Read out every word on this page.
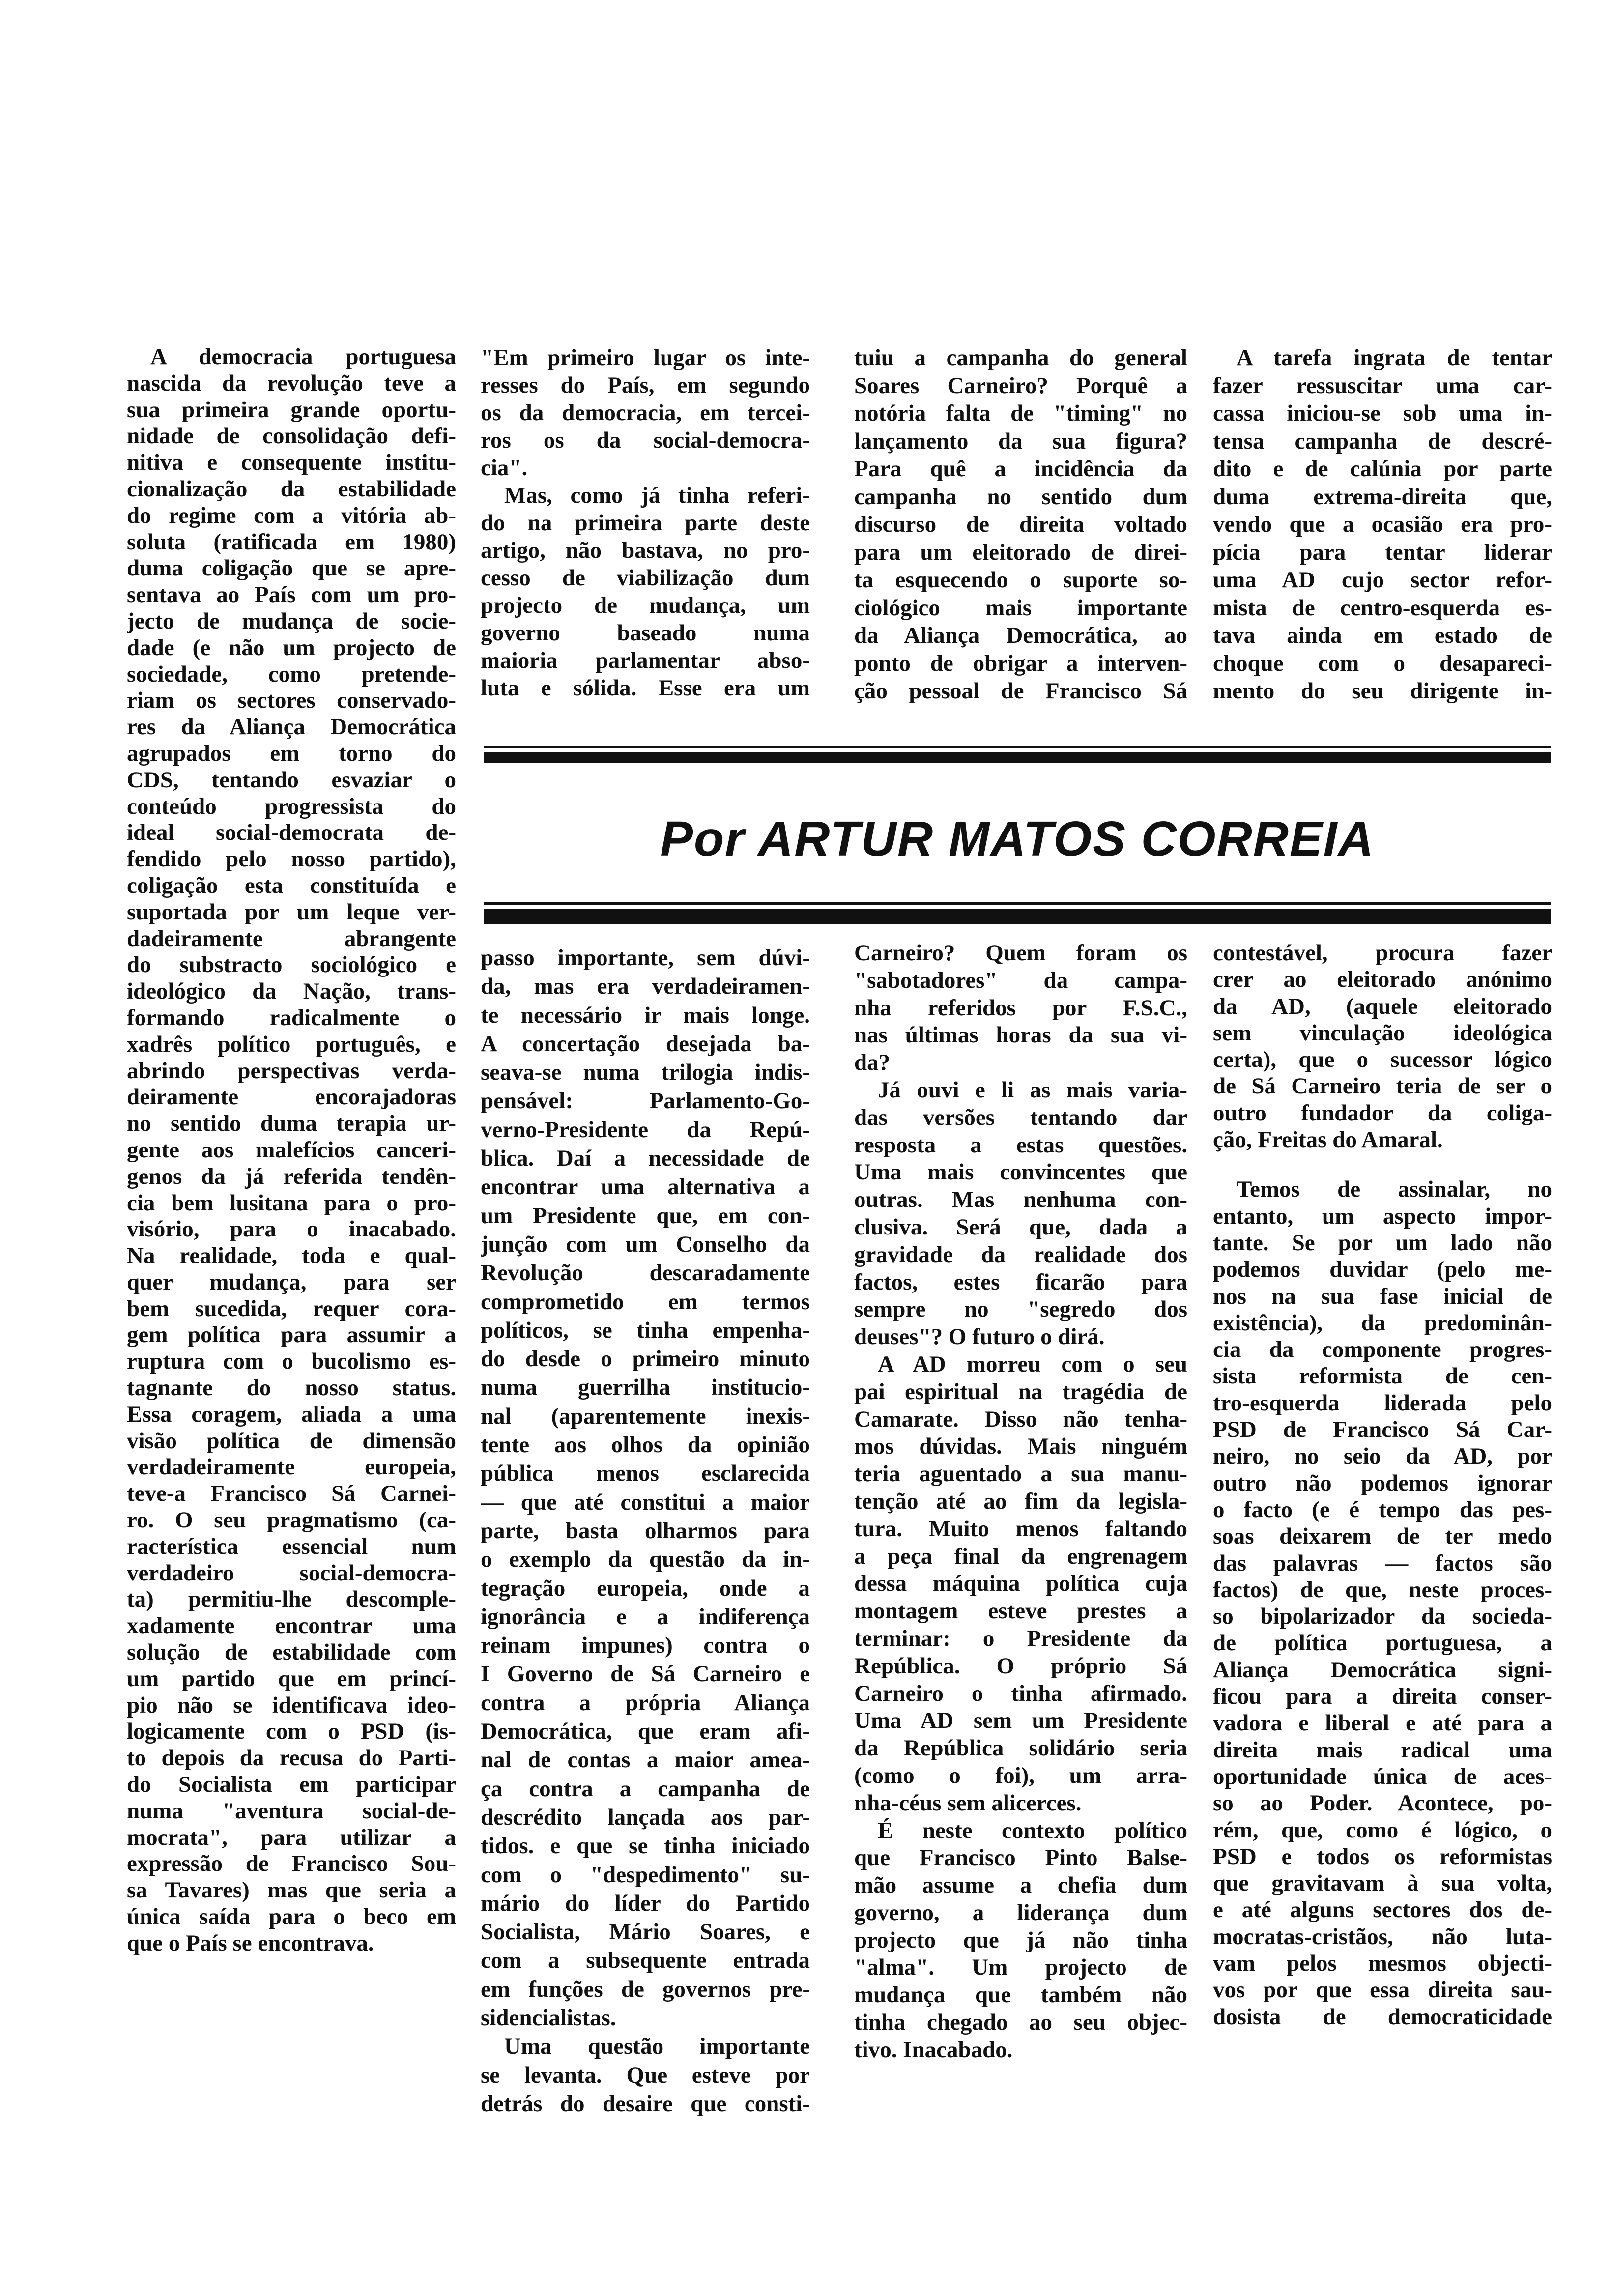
A democracia portuguesa
nascida da revolução teve a
sua primeira grande oportu-
nidade de consolidação defi-
nitiva e consequente institu-
cionalização da estabilidade
do regime com a vitória ab-
soluta (ratificada em 1980)
duma coligação que se apre-
sentava ao País com um pro-
jecto de mudança de socie-
dade (e não um projecto de
sociedade, como pretende-
riam os sectores conservado-
res da Aliança Democrática
agrupados em torno do
CDS, tentando esvaziar o
conteúdo progressista do
ideal social-democrata de-
fendido pelo nosso partido),
coligação esta constituída e
suportada por um leque ver-
dadeiramente abrangente
do substracto sociológico e
ideológico da Nação, trans-
formando radicalmente o
xadrês político português, e
abrindo perspectivas verda-
deiramente encorajadoras
no sentido duma terapia ur-
gente aos malefícios canceri-
genos da já referida tendên-
cia bem lusitana para o pro-
visório, para o inacabado.
Na realidade, toda e qual-
quer mudança, para ser
bem sucedida, requer cora-
gem política para assumir a
ruptura com o bucolismo es-
tagnante do nosso status.
Essa coragem, aliada a uma
visão política de dimensão
verdadeiramente europeia,
teve-a Francisco Sá Carnei-
ro. O seu pragmatismo (ca-
racterística essencial num
verdadeiro social-democra-
ta) permitiu-lhe descomple-
xadamente encontrar uma
solução de estabilidade com
um partido que em princí-
pio não se identificava ideo-
logicamente com o PSD (is-
to depois da recusa do Parti-
do Socialista em participar
numa "aventura social-de-
mocrata", para utilizar a
expressão de Francisco Sou-
sa Tavares) mas que seria a
única saída para o beco em
que o País se encontrava.
"Em primeiro lugar os inte-
resses do País, em segundo
os da democracia, em tercei-
ros os da social-democra-
cia".
Mas, como já tinha referi-
do na primeira parte deste
artigo, não bastava, no pro-
cesso de viabilização dum
projecto de mudança, um
governo baseado numa
maioria parlamentar abso-
luta e sólida. Esse era um
tuiu a campanha do general
Soares Carneiro? Porquê a
notória falta de "timing" no
lançamento da sua figura?
Para quê a incidência da
campanha no sentido dum
discurso de direita voltado
para um eleitorado de direi-
ta esquecendo o suporte so-
ciológico mais importante
da Aliança Democrática, ao
ponto de obrigar a interven-
ção pessoal de Francisco Sá
A tarefa ingrata de tentar
fazer ressuscitar uma car-
cassa iniciou-se sob uma in-
tensa campanha de descré-
dito e de calúnia por parte
duma extrema-direita que,
vendo que a ocasião era pro-
pícia para tentar liderar
uma AD cujo sector refor-
mista de centro-esquerda es-
tava ainda em estado de
choque com o desapareci-
mento do seu dirigente in-
Por ARTUR MATOS CORREIA
passo importante, sem dúvi-
da, mas era verdadeiramen-
te necessário ir mais longe.
A concertação desejada ba-
seava-se numa trilogia indis-
pensável: Parlamento-Go-
verno-Presidente da Repú-
blica. Daí a necessidade de
encontrar uma alternativa a
um Presidente que, em con-
junção com um Conselho da
Revolução descaradamente
comprometido em termos
políticos, se tinha empenha-
do desde o primeiro minuto
numa guerrilha institucio-
nal (aparentemente inexis-
tente aos olhos da opinião
pública menos esclarecida
— que até constitui a maior
parte, basta olharmos para
o exemplo da questão da in-
tegração europeia, onde a
ignorância e a indiferença
reinam impunes) contra o
I Governo de Sá Carneiro e
contra a própria Aliança
Democrática, que eram afi-
nal de contas a maior amea-
ça contra a campanha de
descrédito lançada aos par-
tidos. e que se tinha iniciado
com o "despedimento" su-
mário do líder do Partido
Socialista, Mário Soares, e
com a subsequente entrada
em funções de governos pre-
sidencialistas.
Uma questão importante
se levanta. Que esteve por
detrás do desaire que consti-
Carneiro? Quem foram os
"sabotadores" da campa-
nha referidos por F.S.C.,
nas últimas horas da sua vi-
da?
Já ouvi e li as mais varia-
das versões tentando dar
resposta a estas questões.
Uma mais convincentes que
outras. Mas nenhuma con-
clusiva. Será que, dada a
gravidade da realidade dos
factos, estes ficarão para
sempre no "segredo dos
deuses"? O futuro o dirá.
A AD morreu com o seu
pai espiritual na tragédia de
Camarate. Disso não tenha-
mos dúvidas. Mais ninguém
teria aguentado a sua manu-
tenção até ao fim da legisla-
tura. Muito menos faltando
a peça final da engrenagem
dessa máquina política cuja
montagem esteve prestes a
terminar: o Presidente da
República. O próprio Sá
Carneiro o tinha afirmado.
Uma AD sem um Presidente
da República solidário seria
(como o foi), um arra-
nha-céus sem alicerces.
É neste contexto político
que Francisco Pinto Balse-
mão assume a chefia dum
governo, a liderança dum
projecto que já não tinha
"alma". Um projecto de
mudança que também não
tinha chegado ao seu objec-
tivo. Inacabado.
contestável, procura fazer
crer ao eleitorado anónimo
da AD, (aquele eleitorado
sem vinculação ideológica
certa), que o sucessor lógico
de Sá Carneiro teria de ser o
outro fundador da coliga-
ção, Freitas do Amaral.
Temos de assinalar, no
entanto, um aspecto impor-
tante. Se por um lado não
podemos duvidar (pelo me-
nos na sua fase inicial de
existência), da predominân-
cia da componente progres-
sista reformista de cen-
tro-esquerda liderada pelo
PSD de Francisco Sá Car-
neiro, no seio da AD, por
outro não podemos ignorar
o facto (e é tempo das pes-
soas deixarem de ter medo
das palavras — factos são
factos) de que, neste proces-
so bipolarizador da socieda-
de política portuguesa, a
Aliança Democrática signi-
ficou para a direita conser-
vadora e liberal e até para a
direita mais radical uma
oportunidade única de aces-
so ao Poder. Acontece, po-
rém, que, como é lógico, o
PSD e todos os reformistas
que gravitavam à sua volta,
e até alguns sectores dos de-
mocratas-cristãos, não luta-
vam pelos mesmos objecti-
vos por que essa direita sau-
dosista de democraticidade
